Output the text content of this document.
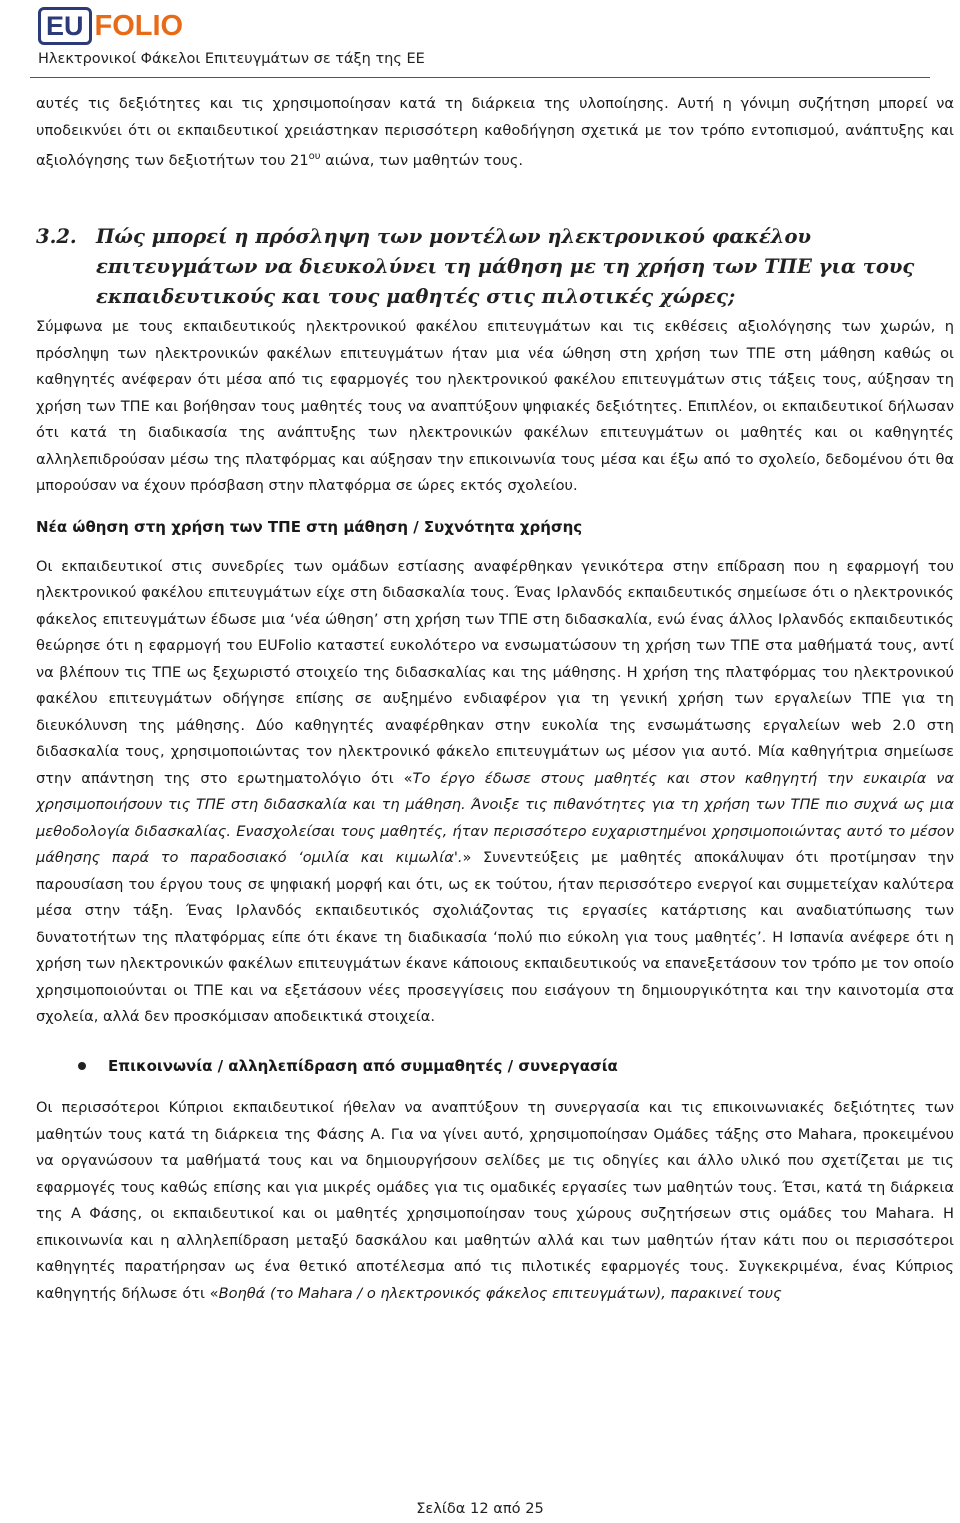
EU FOLIO
Ηλεκτρονικοί Φάκελοι Επιτευγμάτων σε τάξη της ΕΕ

αυτές τις δεξιότητες και τις χρησιμοποίησαν κατά τη διάρκεια της υλοποίησης. Αυτή η γόνιμη συζήτηση μπορεί να υποδεικνύει ότι οι εκπαιδευτικοί χρειάστηκαν περισσότερη καθοδήγηση σχετικά με τον τρόπο εντοπισμού, ανάπτυξης και αξιολόγησης των δεξιοτήτων του $21^{o\upsilon}$ αιώνα, των μαθητών τους.

3.2. Πώς μπορεί η πρόσληψη των μοντέλων ηλεκτρονικού φακέλου επιτευγμάτων να διευκολύνει τη μάθηση με τη χρήση των ΤΠΕ για τους εκπαιδευτικούς και τους μαθητές στις πιλοτικές χώρες;

Σύμφωνα με τους εκπαιδευτικούς ηλεκτρονικού φακέλου επιτευγμάτων και τις εκθέσεις αξιολόγησης των χωρών, η πρόσληψη των ηλεκτρονικών φακέλων επιτευγμάτων ήταν μια νέα ώθηση στη χρήση των ΤΠΕ στη μάθηση καθώς οι καθηγητές ανέφεραν ότι μέσα από τις εφαρμογές του ηλεκτρονικού φακέλου επιτευγμάτων στις τάξεις τους, αύξησαν τη χρήση των ΤΠΕ και βοήθησαν τους μαθητές τους να αναπτύξουν ψηφιακές δεξιότητες. Επιπλέον, οι εκπαιδευτικοί δήλωσαν ότι κατά τη διαδικασία της ανάπτυξης των ηλεκτρονικών φακέλων επιτευγμάτων οι μαθητές και οι καθηγητές αλληλεπιδρούσαν μέσω της πλατφόρμας και αύξησαν την επικοινωνία τους μέσα και έξω από το σχολείο, δεδομένου ότι θα μπορούσαν να έχουν πρόσβαση στην πλατφόρμα σε ώρες εκτός σχολείου.

Νέα ώθηση στη χρήση των ΤΠΕ στη μάθηση / Συχνότητα χρήσης

Οι εκπαιδευτικοί στις συνεδρίες των ομάδων εστίασης αναφέρθηκαν γενικότερα στην επίδραση που η εφαρμογή του ηλεκτρονικού φακέλου επιτευγμάτων είχε στη διδασκαλία τους. Ένας Ιρλανδός εκπαιδευτικός σημείωσε ότι ο ηλεκτρονικός φάκελος επιτευγμάτων έδωσε μια ‘νέα ώθηση’ στη χρήση των ΤΠΕ στη διδασκαλία, ενώ ένας άλλος Ιρλανδός εκπαιδευτικός θεώρησε ότι η εφαρμογή του EUFolio καταστεί ευκολότερο να ενσωματώσουν τη χρήση των ΤΠΕ στα μαθήματά τους, αντί να βλέπουν τις ΤΠΕ ως ξεχωριστό στοιχείο της διδασκαλίας και της μάθησης. Η χρήση της πλατφόρμας του ηλεκτρονικού φακέλου επιτευγμάτων οδήγησε επίσης σε αυξημένο ενδιαφέρον για τη γενική χρήση των εργαλείων ΤΠΕ για τη διευκόλυνση της μάθησης. Δύο καθηγητές αναφέρθηκαν στην ευκολία της ενσωμάτωσης εργαλείων web 2.0 στη διδασκαλία τους, χρησιμοποιώντας τον ηλεκτρονικό φάκελο επιτευγμάτων ως μέσον για αυτό. Μία καθηγήτρια σημείωσε στην απάντηση της στο ερωτηματολόγιο ότι «Το έργο έδωσε στους μαθητές και στον καθηγητή την ευκαιρία να χρησιμοποιήσουν τις ΤΠΕ στη διδασκαλία και τη μάθηση. Άνοιξε τις πιθανότητες για τη χρήση των ΤΠΕ πιο συχνά ως μια μεθοδολογία διδασκαλίας. Ενασχολείσαι τους μαθητές, ήταν περισσότερο ευχαριστημένοι χρησιμοποιώντας αυτό το μέσον μάθησης παρά το παραδοσιακό ‘ομιλία και κιμωλία'.» Συνεντεύξεις με μαθητές αποκάλυψαν ότι προτίμησαν την παρουσίαση του έργου τους σε ψηφιακή μορφή και ότι, ως εκ τούτου, ήταν περισσότερο ενεργοί και συμμετείχαν καλύτερα μέσα στην τάξη. Ένας Ιρλανδός εκπαιδευτικός σχολιάζοντας τις εργασίες κατάρτισης και αναδιατύπωσης των δυνατοτήτων της πλατφόρμας είπε ότι έκανε τη διαδικασία ‘πολύ πιο εύκολη για τους μαθητές’. Η Ισπανία ανέφερε ότι η χρήση των ηλεκτρονικών φακέλων επιτευγμάτων έκανε κάποιους εκπαιδευτικούς να επανεξετάσουν τον τρόπο με τον οποίο χρησιμοποιούνται οι ΤΠΕ και να εξετάσουν νέες προσεγγίσεις που εισάγουν τη δημιουργικότητα και την καινοτομία στα σχολεία, αλλά δεν προσκόμισαν αποδεικτικά στοιχεία.

Επικοινωνία / αλληλεπίδραση από συμμαθητές / συνεργασία

Οι περισσότεροι Κύπριοι εκπαιδευτικοί ήθελαν να αναπτύξουν τη συνεργασία και τις επικοινωνιακές δεξιότητες των μαθητών τους κατά τη διάρκεια της Φάσης Α. Για να γίνει αυτό, χρησιμοποίησαν Ομάδες τάξης στο Mahara, προκειμένου να οργανώσουν τα μαθήματά τους και να δημιουργήσουν σελίδες με τις οδηγίες και άλλο υλικό που σχετίζεται με τις εφαρμογές τους καθώς επίσης και για μικρές ομάδες για τις ομαδικές εργασίες των μαθητών τους. Έτσι, κατά τη διάρκεια της Α Φάσης, οι εκπαιδευτικοί και οι μαθητές χρησιμοποίησαν τους χώρους συζητήσεων στις ομάδες του Mahara. Η επικοινωνία και η αλληλεπίδραση μεταξύ δασκάλου και μαθητών αλλά και των μαθητών ήταν κάτι που οι περισσότεροι καθηγητές παρατήρησαν ως ένα θετικό αποτέλεσμα από τις πιλοτικές εφαρμογές τους. Συγκεκριμένα, ένας Κύπριος καθηγητής δήλωσε ότι «Βοηθά (το Mahara / ο ηλεκτρονικός φάκελος επιτευγμάτων), παρακινεί τους

Σελίδα 12 από 25
